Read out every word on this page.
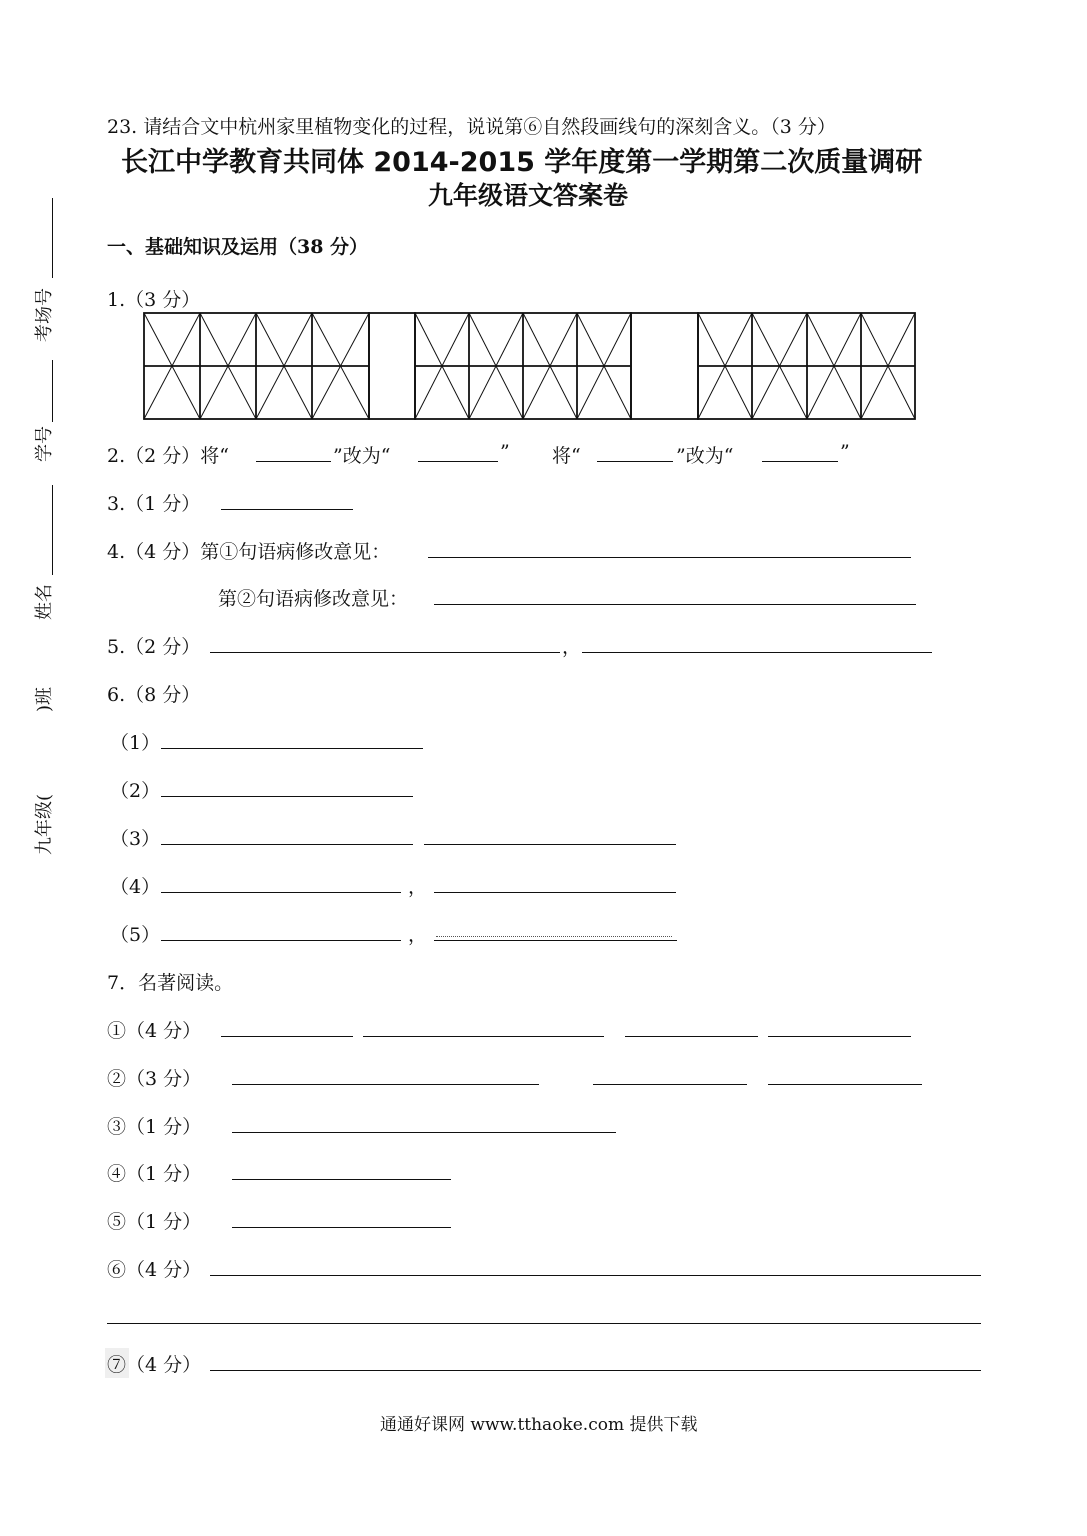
23. 请结合文中杭州家里植物变化的过程，说说第⑥自然段画线句的深刻含义。（3 分）
长江中学教育共同体 2014-2015 学年度第一学期第二次质量调研
九年级语文答案卷
考场号
学号
姓名
)班
九年级(
一、基础知识及运用（38 分）
1.（3 分）
2.（2 分）将“	”改为“	” 将“	”改为“	”
3.（1 分）
4.（4 分）第①句语病修改意见：
第②句语病修改意见：
5.（2 分）	，
6.（8 分）
（1）
（2）
（3）
（4）	，
（5）	，
7．名著阅读。
①（4 分）
②（3 分）
③（1 分）
④（1 分）
⑤（1 分）
⑥（4 分）
⑦（4 分）
通通好课网 www.tthaoke.com 提供下载
